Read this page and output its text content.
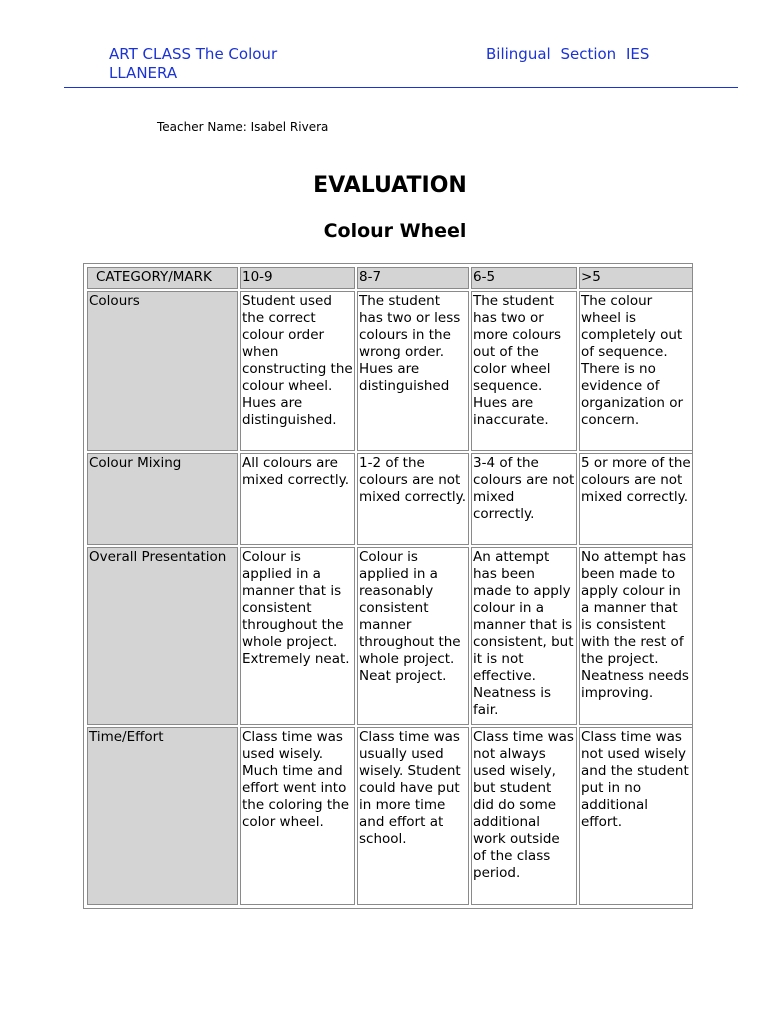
ART CLASS The Colour
LLANERA
Bilingual Section IES
Teacher Name: Isabel Rivera
EVALUATION
Colour Wheel
CATEGORY/MARK	10-9	8-7	6-5	>5
Colours	Student used the correct colour order when constructing the colour wheel. Hues are distinguished.	The student has two or less colours in the wrong order. Hues are distinguished	The student has two or more colours out of the color wheel sequence. Hues are inaccurate.	The colour wheel is completely out of sequence. There is no evidence of organization or concern.
Colour Mixing	All colours are mixed correctly.	1-2 of the colours are not mixed correctly.	3-4 of the colours are not mixed correctly.	5 or more of the colours are not mixed correctly.
Overall Presentation	Colour is applied in a manner that is consistent throughout the whole project. Extremely neat.	Colour is applied in a reasonably consistent manner throughout the whole project. Neat project.	An attempt has been made to apply colour in a manner that is consistent, but it is not effective. Neatness is fair.	No attempt has been made to apply colour in a manner that is consistent with the rest of the project. Neatness needs improving.
Time/Effort	Class time was used wisely. Much time and effort went into the coloring the color wheel.	Class time was usually used wisely. Student could have put in more time and effort at school.	Class time was not always used wisely, but student did do some additional work outside of the class period.	Class time was not used wisely and the student put in no additional effort.
